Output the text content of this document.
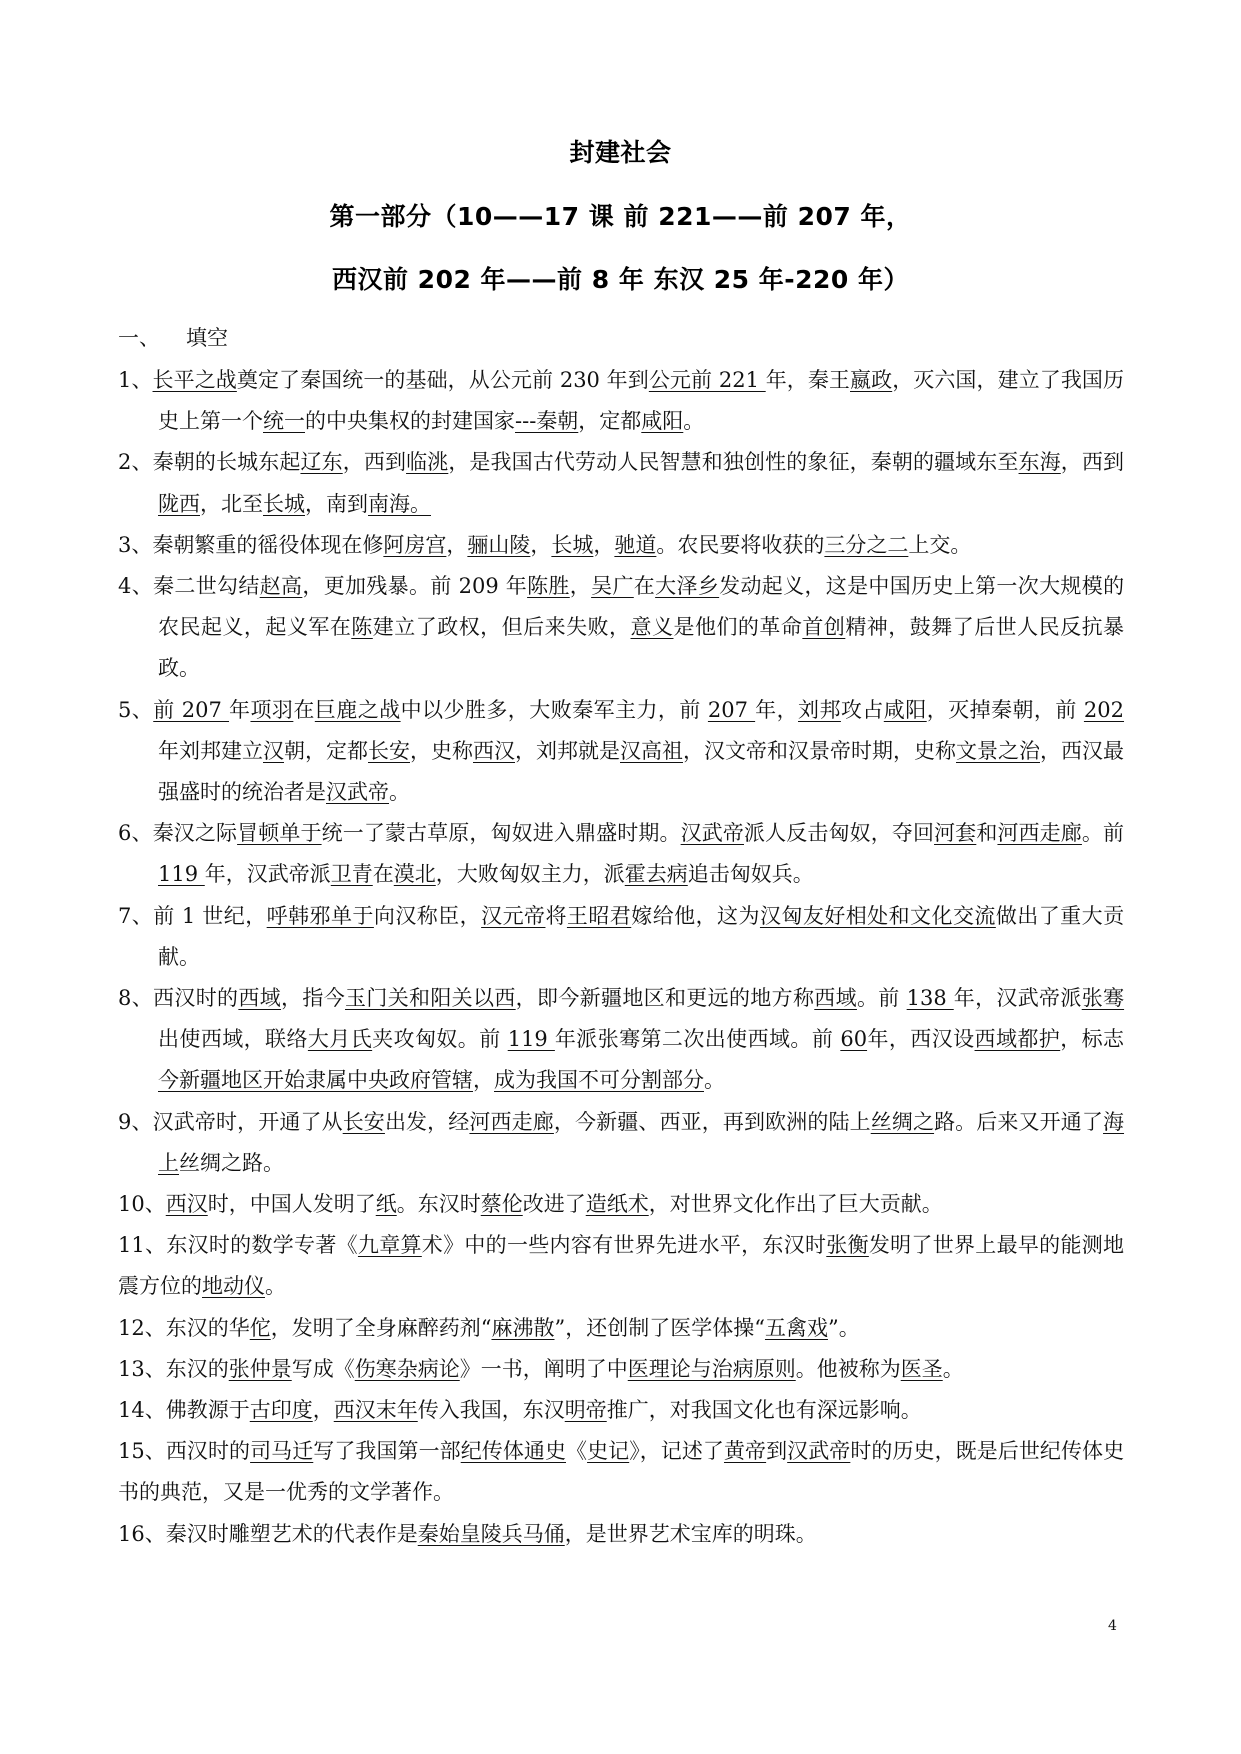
封建社会
第一部分（10——17 课 前 221——前 207 年，
西汉前 202 年——前 8 年 东汉 25 年-220 年）
一、 填空
1、长平之战奠定了秦国统一的基础，从公元前 230 年到公元前 221 年，秦王嬴政，灭六国，建立了我国历史上第一个统一的中央集权的封建国家---秦朝，定都咸阳。
2、秦朝的长城东起辽东，西到临洮，是我国古代劳动人民智慧和独创性的象征，秦朝的疆域东至东海，西到陇西，北至长城，南到南海。
3、秦朝繁重的徭役体现在修阿房宫，骊山陵，长城，驰道。农民要将收获的三分之二上交。
4、秦二世勾结赵高，更加残暴。前 209 年陈胜，吴广在大泽乡发动起义，这是中国历史上第一次大规模的农民起义，起义军在陈建立了政权，但后来失败，意义是他们的革命首创精神，鼓舞了后世人民反抗暴政。
5、前 207 年项羽在巨鹿之战中以少胜多，大败秦军主力，前 207 年，刘邦攻占咸阳，灭掉秦朝，前 202 年刘邦建立汉朝，定都长安，史称西汉，刘邦就是汉高祖，汉文帝和汉景帝时期，史称文景之治，西汉最强盛时的统治者是汉武帝。
6、秦汉之际冒顿单于统一了蒙古草原，匈奴进入鼎盛时期。汉武帝派人反击匈奴，夺回河套和河西走廊。前 119 年，汉武帝派卫青在漠北，大败匈奴主力，派霍去病追击匈奴兵。
7、前 1 世纪，呼韩邪单于向汉称臣，汉元帝将王昭君嫁给他，这为汉匈友好相处和文化交流做出了重大贡献。
8、西汉时的西域，指今玉门关和阳关以西，即今新疆地区和更远的地方称西域。前 138 年，汉武帝派张骞出使西域，联络大月氏夹攻匈奴。前 119 年派张骞第二次出使西域。前 60年，西汉设西域都护，标志今新疆地区开始隶属中央政府管辖，成为我国不可分割部分。
9、汉武帝时，开通了从长安出发，经河西走廊，今新疆、西亚，再到欧洲的陆上丝绸之路。后来又开通了海上丝绸之路。
10、西汉时，中国人发明了纸。东汉时蔡伦改进了造纸术，对世界文化作出了巨大贡献。
11、东汉时的数学专著《九章算术》中的一些内容有世界先进水平，东汉时张衡发明了世界上最早的能测地震方位的地动仪。
12、东汉的华佗，发明了全身麻醉药剂“麻沸散”，还创制了医学体操“五禽戏”。
13、东汉的张仲景写成《伤寒杂病论》一书，阐明了中医理论与治病原则。他被称为医圣。
14、佛教源于古印度，西汉末年传入我国，东汉明帝推广，对我国文化也有深远影响。
15、西汉时的司马迁写了我国第一部纪传体通史《史记》，记述了黄帝到汉武帝时的历史，既是后世纪传体史书的典范，又是一优秀的文学著作。
16、秦汉时雕塑艺术的代表作是秦始皇陵兵马俑，是世界艺术宝库的明珠。
4
